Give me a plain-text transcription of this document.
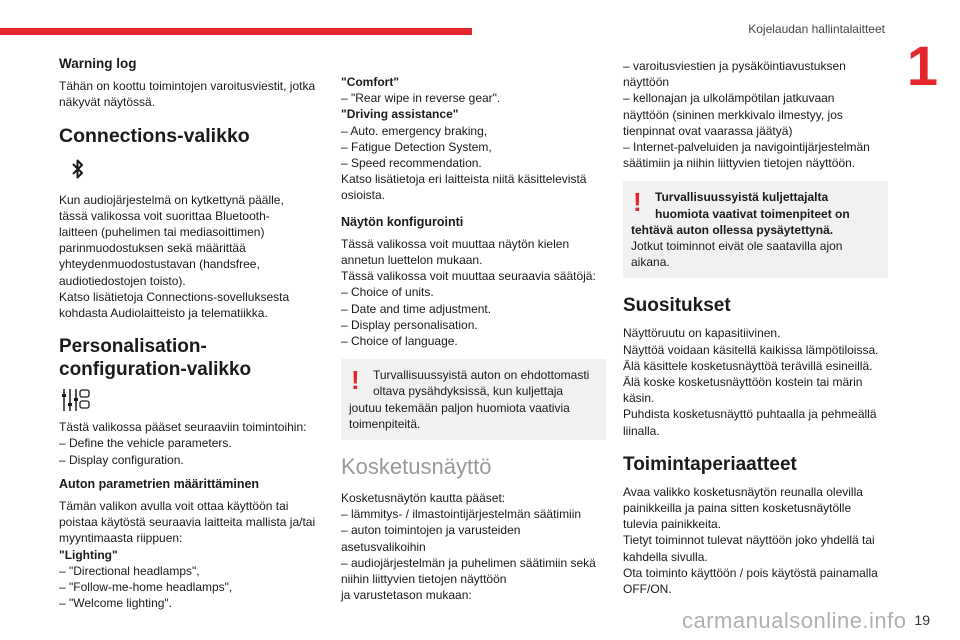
Kojelaudan hallintalaitteet
1
Warning log
Tähän on koottu toimintojen varoitusviestit, jotka
näkyvät näytössä.
Connections-valikko
Kun audiojärjestelmä on kytkettynä päälle,
tässä valikossa voit suorittaa Bluetooth-
laitteen (puhelimen tai mediasoittimen)
parinmuodostuksen sekä määrittää
yhteydenmuodostustavan (handsfree,
audiotiedostojen toisto).
Katso lisätietoja Connections-sovelluksesta
kohdasta Audiolaitteisto ja telematiikka.
Personalisation-
configuration-valikko
Tästä valikossa pääset seuraaviin toimintoihin:
– Define the vehicle parameters.
– Display configuration.
Auton parametrien määrittäminen
Tämän valikon avulla voit ottaa käyttöön tai
poistaa käytöstä seuraavia laitteita mallista ja/tai
myyntimaasta riippuen:
"Lighting"
– "Directional headlamps",
– "Follow-me-home headlamps",
– "Welcome lighting".
"Comfort"
– "Rear wipe in reverse gear".
"Driving assistance"
– Auto. emergency braking,
– Fatigue Detection System,
– Speed recommendation.
Katso lisätietoja eri laitteista niitä käsittelevistä
osioista.
Näytön konfigurointi
Tässä valikossa voit muuttaa näytön kielen
annetun luettelon mukaan.
Tässä valikossa voit muuttaa seuraavia säätöjä:
– Choice of units.
– Date and time adjustment.
– Display personalisation.
– Choice of language.
!	Turvallisuussyistä auton on ehdottomasti
oltava pysähdyksissä, kun kuljettaja
joutuu tekemään paljon huomiota vaativia
toimenpiteitä.
Kosketusnäyttö
Kosketusnäytön kautta pääset:
– lämmitys- / ilmastointijärjestelmän säätimiin
– auton toimintojen ja varusteiden
asetusvalikoihin
– audiojärjestelmän ja puhelimen säätimiin sekä
niihin liittyvien tietojen näyttöön
ja varustetason mukaan:
– varoitusviestien ja pysäköintiavustuksen
näyttöön
– kellonajan ja ulkolämpötilan jatkuvaan
näyttöön (sininen merkkivalo ilmestyy, jos
tienpinnat ovat vaarassa jäätyä)
– Internet-palveluiden ja navigointijärjestelmän
säätimiin ja niihin liittyvien tietojen näyttöön.
!	Turvallisuussyistä kuljettajalta
huomiota vaativat toimenpiteet on
tehtävä auton ollessa pysäytettynä.
Jotkut toiminnot eivät ole saatavilla ajon
aikana.
Suositukset
Näyttöruutu on kapasitiivinen.
Näyttöä voidaan käsitellä kaikissa lämpötiloissa.
Älä käsittele kosketusnäyttöä terävillä esineillä.
Älä koske kosketusnäyttöön kostein tai märin
käsin.
Puhdista kosketusnäyttö puhtaalla ja pehmeällä
liinalla.
Toimintaperiaatteet
Avaa valikko kosketusnäytön reunalla olevilla
painikkeilla ja paina sitten kosketusnäytölle
tulevia painikkeita.
Tietyt toiminnot tulevat näyttöön joko yhdellä tai
kahdella sivulla.
Ota toiminto käyttöön / pois käytöstä painamalla
OFF/ON.
carmanualsonline.info 19
